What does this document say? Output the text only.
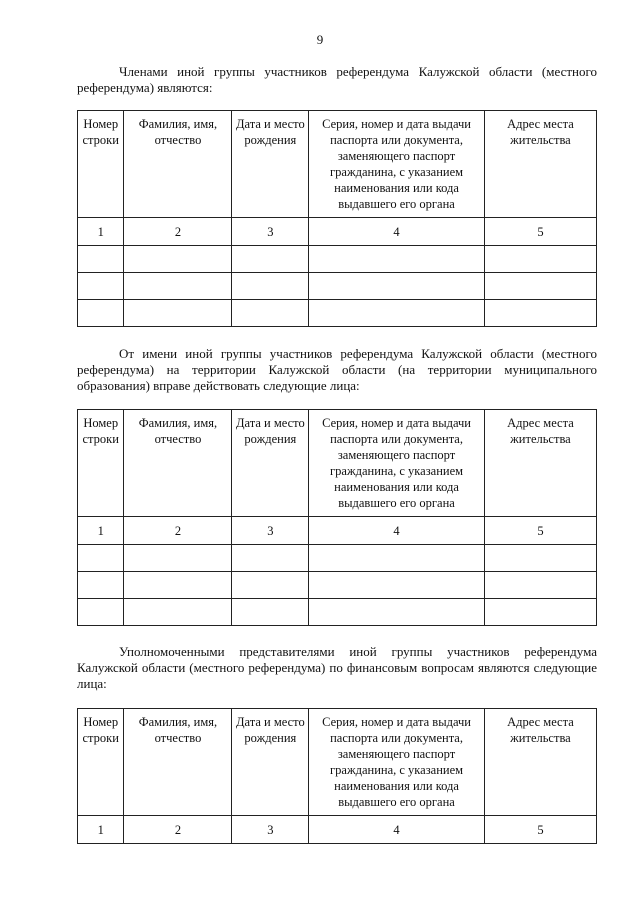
9

Членами иной группы участников референдума Калужской области (местного референдума) являются:

Номер строки	Фамилия, имя, отчество	Дата и место рождения	Серия, номер и дата выдачи паспорта или документа, заменяющего паспорт гражданина, с указанием наименования или кода выдавшего его органа	Адрес места жительства
1	2	3	4	5

От имени иной группы участников референдума Калужской области (местного референдума) на территории Калужской области (на территории муниципального образования) вправе действовать следующие лица:

Номер строки	Фамилия, имя, отчество	Дата и место рождения	Серия, номер и дата выдачи паспорта или документа, заменяющего паспорт гражданина, с указанием наименования или кода выдавшего его органа	Адрес места жительства
1	2	3	4	5

Уполномоченными представителями иной группы участников референдума Калужской области (местного референдума) по финансовым вопросам являются следующие лица:

Номер строки	Фамилия, имя, отчество	Дата и место рождения	Серия, номер и дата выдачи паспорта или документа, заменяющего паспорт гражданина, с указанием наименования или кода выдавшего его органа	Адрес места жительства
1	2	3	4	5
